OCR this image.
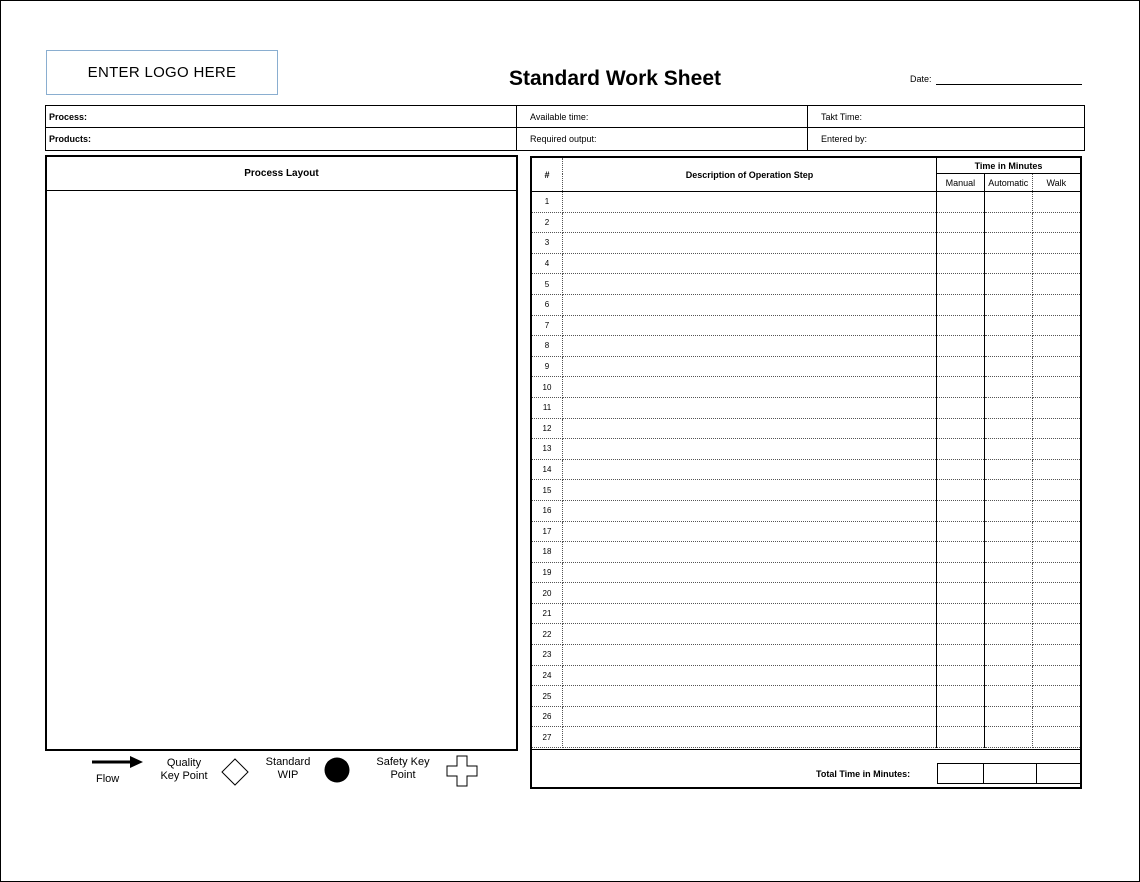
ENTER LOGO HERE	Standard Work Sheet	Date:
Process:	Available time:	Takt Time:
Products:	Required output:	Entered by:
Process Layout
Flow
Quality
Key Point
Standard
WIP
Safety Key
Point
#	Description of Operation Step	Time in Minutes		
		Manual	Automatic	Walk
1				
2				
3				
4				
5				
6				
7				
8				
9				
10				
11				
12				
13				
14				
15				
16				
17				
18				
19				
20				
21				
22				
23				
24				
25				
26				
27				
Total Time in Minutes:
